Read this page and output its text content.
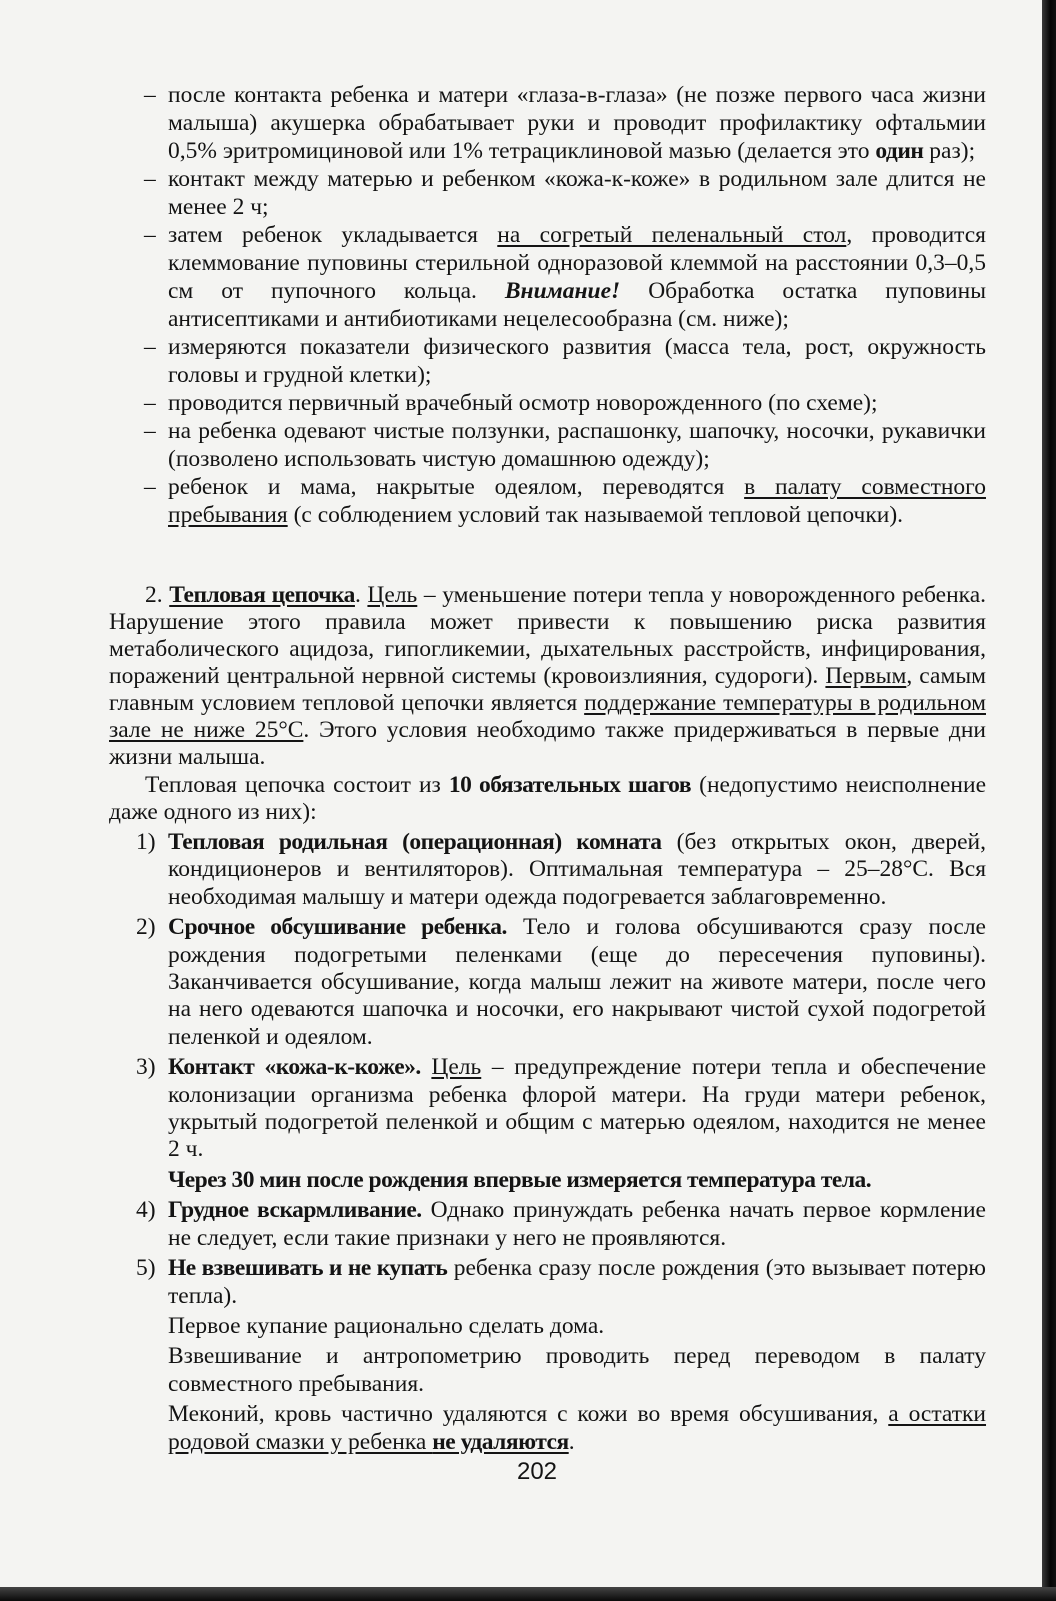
– после контакта ребенка и матери «глаза-в-глаза» (не позже первого часа жизни малыша) акушерка обрабатывает руки и проводит профилактику офтальмии 0,5% эритромициновой или 1% тетрациклиновой мазью (делается это один раз);
– контакт между матерью и ребенком «кожа-к-коже» в родильном зале длится не менее 2 ч;
– затем ребенок укладывается на согретый пеленальный стол, проводится клеммование пуповины стерильной одноразовой клеммой на расстоянии 0,3–0,5 см от пупочного кольца. Внимание! Обработка остатка пуповины антисептиками и антибиотиками нецелесообразна (см. ниже);
– измеряются показатели физического развития (масса тела, рост, окружность головы и грудной клетки);
– проводится первичный врачебный осмотр новорожденного (по схеме);
– на ребенка одевают чистые ползунки, распашонку, шапочку, носочки, рукавички (позволено использовать чистую домашнюю одежду);
– ребенок и мама, накрытые одеялом, переводятся в палату совместного пребывания (с соблюдением условий так называемой тепловой цепочки).

2. Тепловая цепочка. Цель – уменьшение потери тепла у новорожденного ребенка. Нарушение этого правила может привести к повышению риска развития метаболического ацидоза, гипогликемии, дыхательных расстройств, инфицирования, поражений центральной нервной системы (кровоизлияния, судороги). Первым, самым главным условием тепловой цепочки является поддержание температуры в родильном зале не ниже 25°С. Этого условия необходимо также придерживаться в первые дни жизни малыша.

Тепловая цепочка состоит из 10 обязательных шагов (недопустимо неисполнение даже одного из них):

1) Тепловая родильная (операционная) комната (без открытых окон, дверей, кондиционеров и вентиляторов). Оптимальная температура – 25–28°С. Вся необходимая малышу и матери одежда подогревается заблаговременно.
2) Срочное обсушивание ребенка. Тело и голова обсушиваются сразу после рождения подогретыми пеленками (еще до пересечения пуповины). Заканчивается обсушивание, когда малыш лежит на животе матери, после чего на него одеваются шапочка и носочки, его накрывают чистой сухой подогретой пеленкой и одеялом.
3) Контакт «кожа-к-коже». Цель – предупреждение потери тепла и обеспечение колонизации организма ребенка флорой матери. На груди матери ребенок, укрытый подогретой пеленкой и общим с матерью одеялом, находится не менее 2 ч.
Через 30 мин после рождения впервые измеряется температура тела.
4) Грудное вскармливание. Однако принуждать ребенка начать первое кормление не следует, если такие признаки у него не проявляются.
5) Не взвешивать и не купать ребенка сразу после рождения (это вызывает потерю тепла).
Первое купание рационально сделать дома.
Взвешивание и антропометрию проводить перед переводом в палату совместного пребывания.
Меконий, кровь частично удаляются с кожи во время обсушивания, а остатки родовой смазки у ребенка не удаляются.
202
